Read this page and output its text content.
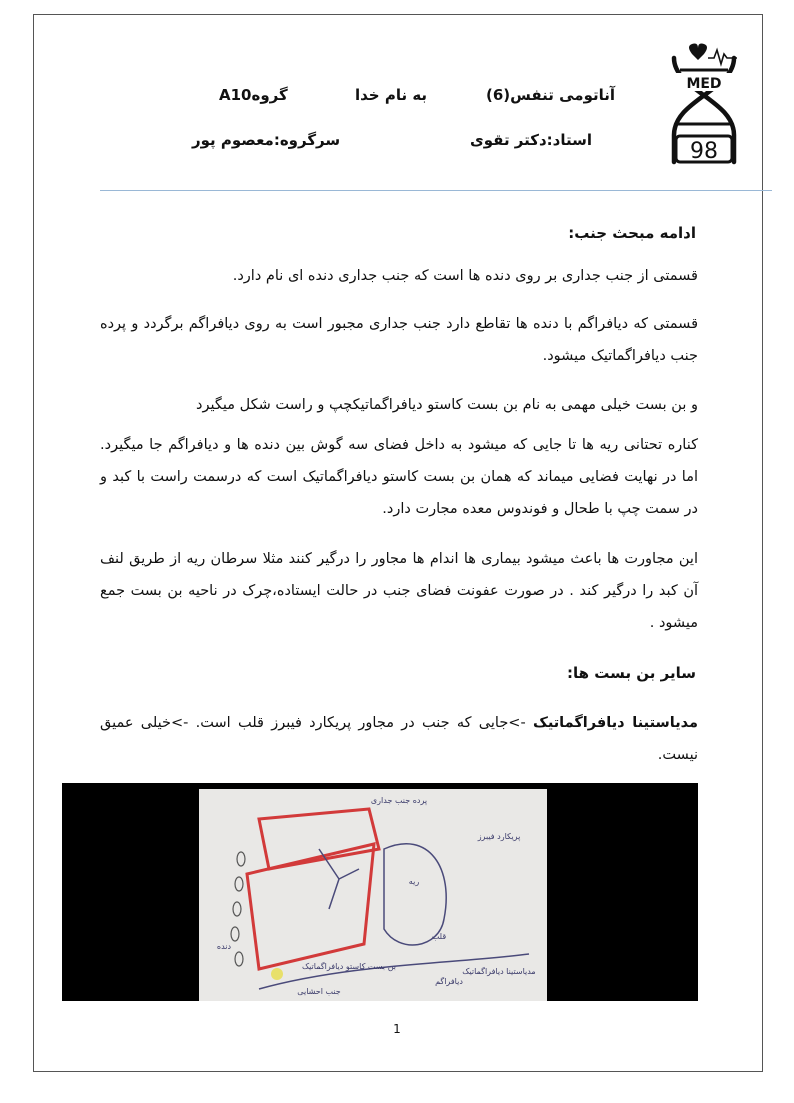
آناتومی تنفس(6)
به نام خدا
گروهA10
استاد:دکتر تقوی
سرگروه:معصوم پور
MED
98
ادامه مبحث جنب:
قسمتی از جنب جداری بر روی دنده ها است که جنب جداری دنده ای نام دارد.
قسمتی که دیافراگم با دنده ها تقاطع دارد جنب جداری مجبور است به روی دیافراگم برگردد و پرده جنب دیافراگماتیک میشود.
و بن بست خیلی مهمی به نام بن بست کاستو دیافراگماتیکچپ و راست شکل میگیرد
کناره تحتانی ریه ها تا جایی که میشود به داخل فضای سه گوش بین دنده ها و دیافراگم جا میگیرد. اما در نهایت فضایی میماند که همان بن بست کاستو دیافراگماتیک است که درسمت راست با کبد و در سمت چپ با طحال و فوندوس معده مجارت دارد.
این مجاورت ها باعث میشود بیماری ها اندام ها مجاور را درگیر کنند مثلا سرطان ریه از طریق لنف آن کبد را درگیر کند . در صورت عفونت فضای جنب در حالت ایستاده،چرک در ناحیه بن بست جمع میشود .
سایر بن بست ها:
مدیاستینا دیافراگماتیک ->جایی که جنب در مجاور پریکارد فیبرز قلب است. ->خیلی عمیق نیست.
پرده جنب جداری
پریکارد فیبرز
قلب
ریه
دنده
دیافراگم
بن بست کاستو دیافراگماتیک
مدیاستینا دیافراگماتیک
جنب احشایی
1
